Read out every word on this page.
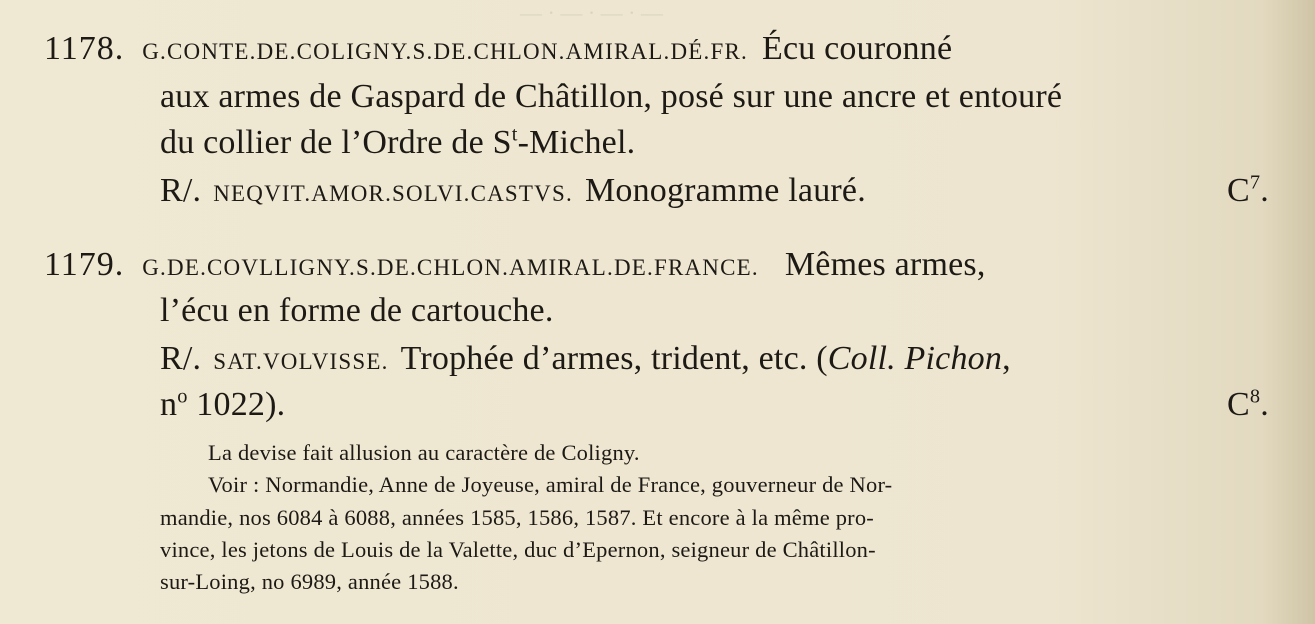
— · — · — · —
1178. G.CONTE.DE.COLIGNY.S.DE.CHLON.AMIRAL.DÉ.FR. Écu couronné
aux armes de Gaspard de Châtillon, posé sur une ancre et entouré
du collier de l’Ordre de $S^t$-Michel.
R/. NEQVIT.AMOR.SOLVI.CASTVS. Monogramme lauré.	$C^7$.
1179. G.DE.COVLLIGNY.S.DE.CHLON.AMIRAL.DE.FRANCE. Mêmes armes,
l’écu en forme de cartouche.
R/. SAT.VOLVISSE. Trophée d’armes, trident, etc. (Coll. Pichon,
$n^o$ 1022).	$C^8$.
La devise fait allusion au caractère de Coligny.
Voir : Normandie, Anne de Joyeuse, amiral de France, gouverneur de Nor-
mandie, nos 6084 à 6088, années 1585, 1586, 1587. Et encore à la même pro-
vince, les jetons de Louis de la Valette, duc d’Epernon, seigneur de Châtillon-
sur-Loing, no 6989, année 1588.
